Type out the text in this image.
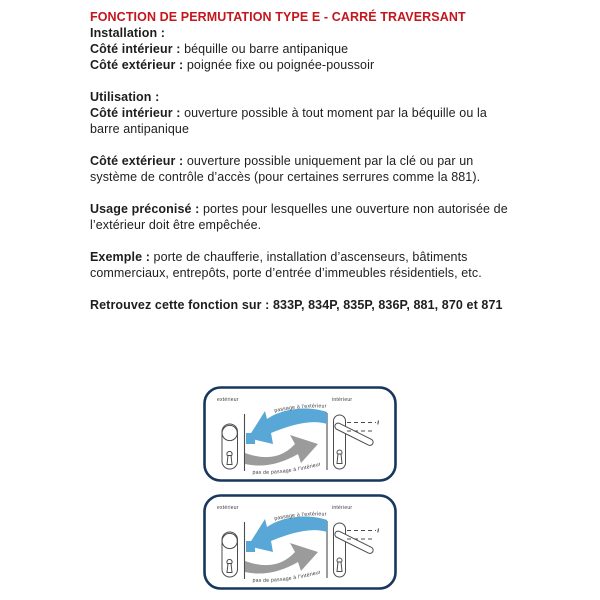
FONCTION DE PERMUTATION TYPE E - CARRÉ TRAVERSANT
Installation :
Côté intérieur : béquille ou barre antipanique
Côté extérieur : poignée fixe ou poignée-poussoir
Utilisation :
Côté intérieur : ouverture possible à tout moment par la béquille ou la
barre antipanique
Côté extérieur : ouverture possible uniquement par la clé ou par un
système de contrôle d’accès (pour certaines serrures comme la 881).
Usage préconisé : portes pour lesquelles une ouverture non autorisée de
l’extérieur doit être empêchée.
Exemple : porte de chaufferie, installation d’ascenseurs, bâtiments
commerciaux, entrepôts, porte d’entrée d’immeubles résidentiels, etc.
Retrouvez cette fonction sur : 833P, 834P, 835P, 836P, 881, 870 et 871
extérieur	intérieur
passage à l’extérieur
pas de passage à l’intérieur
extérieur	intérieur
passage à l’extérieur
pas de passage à l’intérieur
